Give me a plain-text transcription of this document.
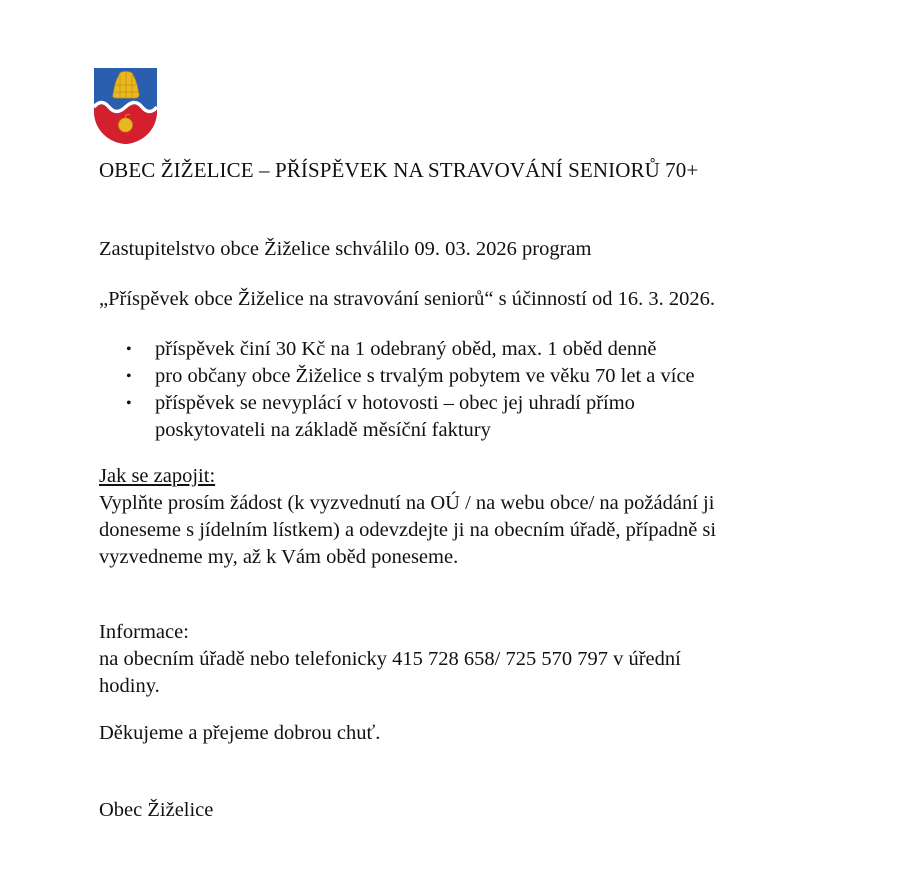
OBEC ŽIŽELICE – PŘÍSPĚVEK NA STRAVOVÁNÍ SENIORŮ 70+
Zastupitelstvo obce Žiželice schválilo 09. 03. 2026 program
„Příspěvek obce Žiželice na stravování seniorů“ s účinností od 16. 3. 2026.
• příspěvek činí 30 Kč na 1 odebraný oběd, max. 1 oběd denně
• pro občany obce Žiželice s trvalým pobytem ve věku 70 let a více
• příspěvek se nevyplácí v hotovosti – obec jej uhradí přímo
poskytovateli na základě měsíční faktury
Jak se zapojit:
Vyplňte prosím žádost (k vyzvednutí na OÚ / na webu obce/ na požádání ji
doneseme s jídelním lístkem) a odevzdejte ji na obecním úřadě, případně si
vyzvedneme my, až k Vám oběd poneseme.
Informace:
na obecním úřadě nebo telefonicky 415 728 658/ 725 570 797 v úřední
hodiny.
Děkujeme a přejeme dobrou chuť.
Obec Žiželice
